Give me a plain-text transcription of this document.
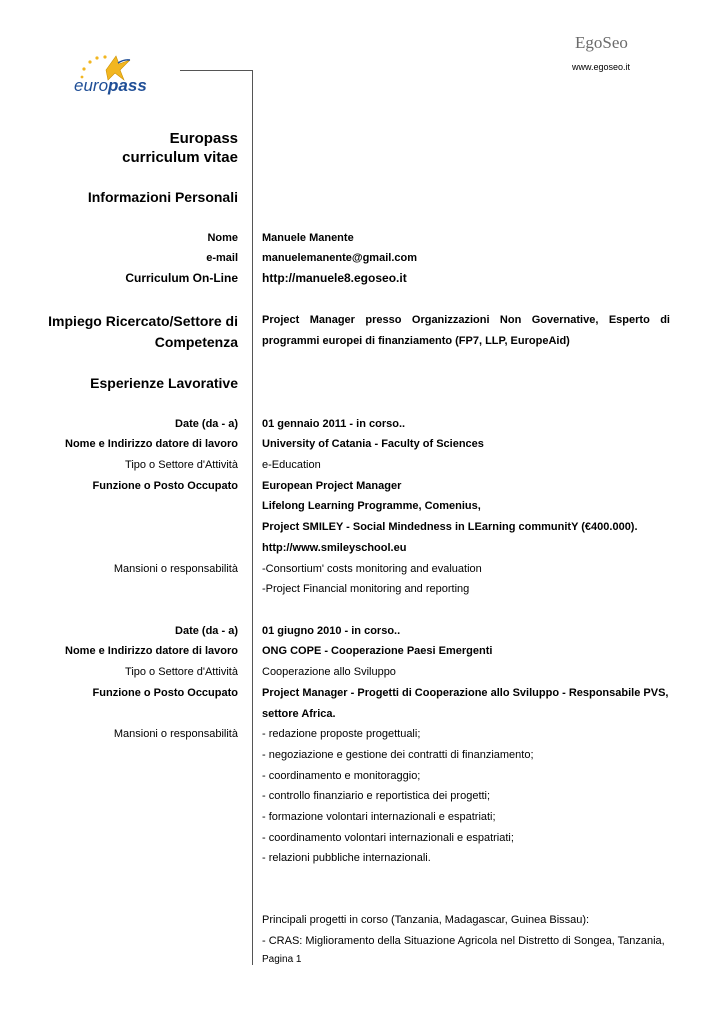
europass
EgoSeo
www.egoseo.it
Europass
curriculum vitae
Informazioni Personali
Nome Manuele Manente
e-mail manuelemanente@gmail.com
Curriculum On-Line http://manuele8.egoseo.it
Impiego Ricercato/Settore di
Competenza
Project Manager presso Organizzazioni Non Governative, Esperto di
programmi europei di finanziamento (FP7, LLP, EuropeAid)
Esperienze Lavorative
Date (da - a) 01 gennaio 2011 - in corso..
Nome e Indirizzo datore di lavoro University of Catania - Faculty of Sciences
Tipo o Settore d'Attività e-Education
Funzione o Posto Occupato European Project Manager
Lifelong Learning Programme, Comenius,
Project SMILEY - Social Mindedness in LEarning communitY (€400.000).
http://www.smileyschool.eu
Mansioni o responsabilità -Consortium' costs monitoring and evaluation
-Project Financial monitoring and reporting
Date (da - a) 01 giugno 2010 - in corso..
Nome e Indirizzo datore di lavoro ONG COPE - Cooperazione Paesi Emergenti
Tipo o Settore d'Attività Cooperazione allo Sviluppo
Funzione o Posto Occupato Project Manager - Progetti di Cooperazione allo Sviluppo - Responsabile PVS,
settore Africa.
Mansioni o responsabilità - redazione proposte progettuali;
- negoziazione e gestione dei contratti di finanziamento;
- coordinamento e monitoraggio;
- controllo finanziario e reportistica dei progetti;
- formazione volontari internazionali e espatriati;
- coordinamento volontari internazionali e espatriati;
- relazioni pubbliche internazionali.
Principali progetti in corso (Tanzania, Madagascar, Guinea Bissau):
- CRAS: Miglioramento della Situazione Agricola nel Distretto di Songea, Tanzania,
Pagina 1
